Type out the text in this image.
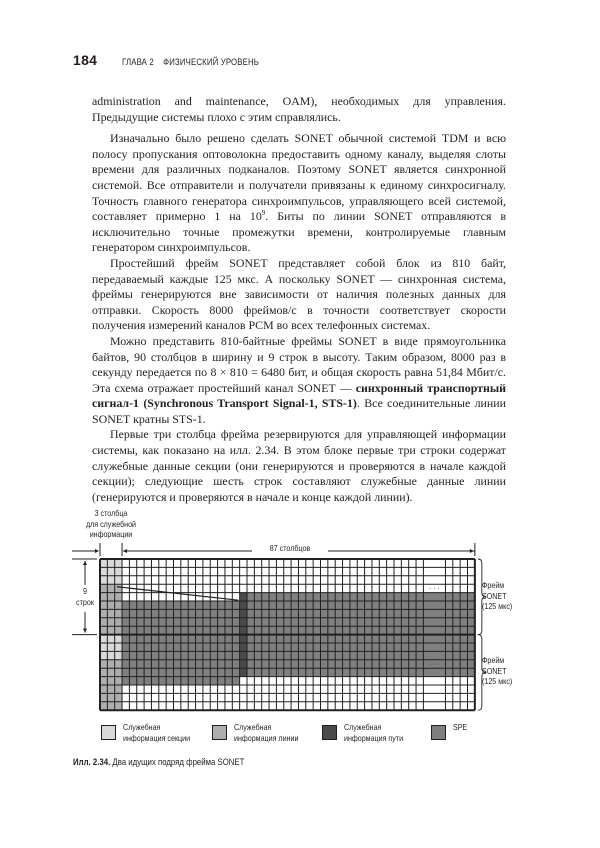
184	ГЛАВА 2    ФИЗИЧЕСКИЙ УРОВЕНЬ

administration and maintenance, OAM), необходимых для управления. Предыдущие системы плохо с этим справлялись.

Изначально было решено сделать SONET обычной системой TDM и всю полосу пропускания оптоволокна предоставить одному каналу, выделяя слоты времени для различных подканалов. Поэтому SONET является синхронной системой. Все отправители и получатели привязаны к единому синхросигналу. Точность главного генератора синхроимпульсов, управляющего всей системой, составляет примерно 1 на $10^9$. Биты по линии SONET отправляются в исключительно точные промежутки времени, контролируемые главным генератором синхроимпульсов.

Простейший фрейм SONET представляет собой блок из 810 байт, передаваемый каждые 125 мкс. А поскольку SONET — синхронная система, фреймы генерируются вне зависимости от наличия полезных данных для отправки. Скорость 8000 фреймов/с в точности соответствует скорости получения измерений каналов PCM во всех телефонных системах.

Можно представить 810-байтные фреймы SONET в виде прямоугольника байтов, 90 столбцов в ширину и 9 строк в высоту. Таким образом, 8000 раз в секунду передается по 8 × 810 = 6480 бит, и общая скорость равна 51,84 Мбит/с. Эта схема отражает простейший канал SONET — синхронный транспортный сигнал-1 (Synchronous Transport Signal-1, STS-1). Все соединительные линии SONET кратны STS-1.

Первые три столбца фрейма резервируются для управляющей информации системы, как показано на илл. 2.34. В этом блоке первые три строки содержат служебные данные секции (они генерируются и проверяются в начале каждой секции); следующие шесть строк составляют служебные данные линии (генерируются и проверяются в начале и конце каждой линии).

3 столбца
для служебной
информации
87 столбцов
9
строк
Фрейм
SONET
(125 мкс)
Фрейм
SONET
(125 мкс)
· · ·
· · ·
Служебная
информация секции
Служебная
информация линии
Служебная
информация пути
SPE
Илл. 2.34. Два идущих подряд фрейма SONET
